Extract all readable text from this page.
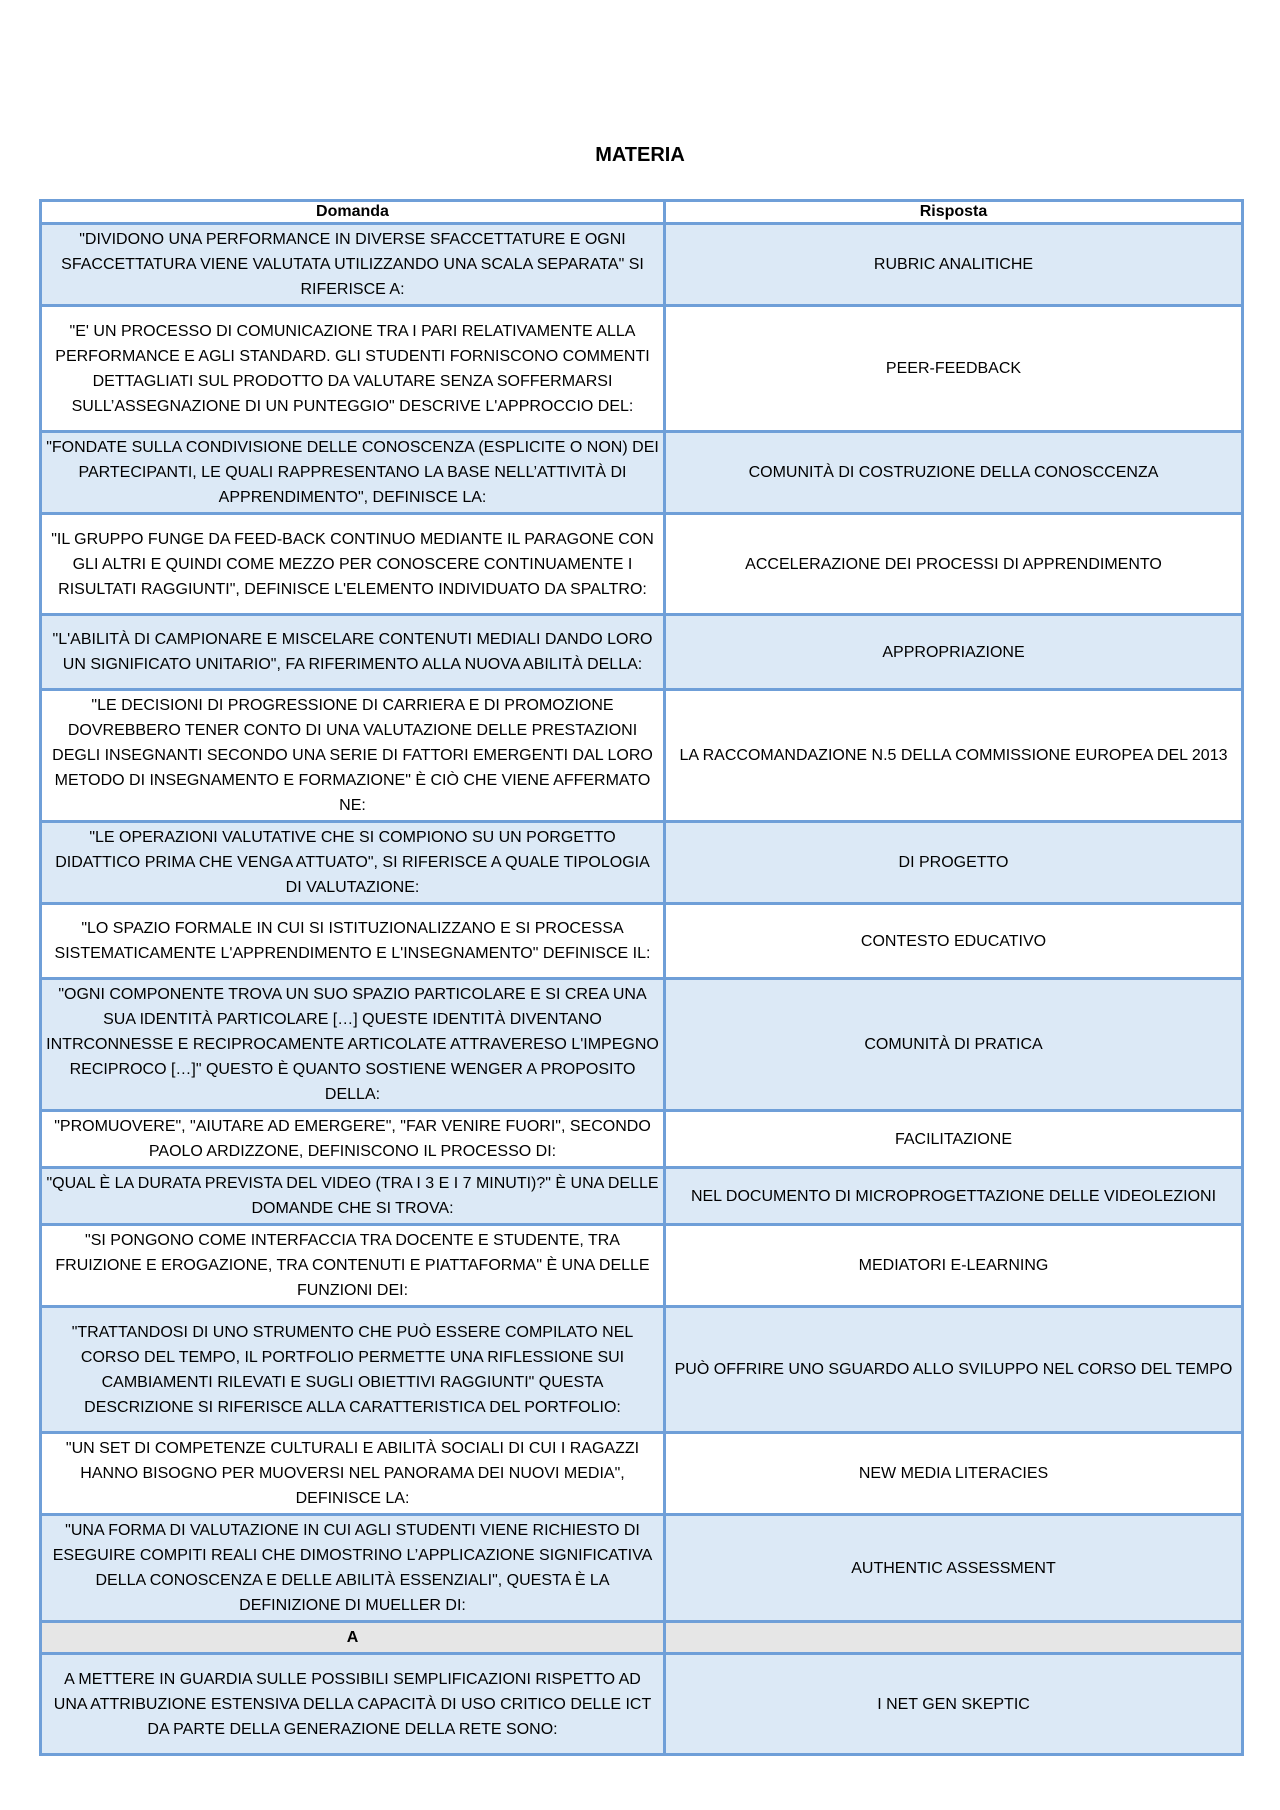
MATERIA
Domanda	Risposta
"DIVIDONO UNA PERFORMANCE IN DIVERSE SFACCETTATURE E OGNI SFACCETTATURA VIENE VALUTATA UTILIZZANDO UNA SCALA SEPARATA" SI RIFERISCE A:	RUBRIC ANALITICHE
"E' UN PROCESSO DI COMUNICAZIONE TRA I PARI RELATIVAMENTE ALLA PERFORMANCE E AGLI STANDARD. GLI STUDENTI FORNISCONO COMMENTI DETTAGLIATI SUL PRODOTTO DA VALUTARE SENZA SOFFERMARSI SULL’ASSEGNAZIONE DI UN PUNTEGGIO" DESCRIVE L'APPROCCIO DEL:	PEER-FEEDBACK
"FONDATE SULLA CONDIVISIONE DELLE CONOSCENZA (ESPLICITE O NON) DEI PARTECIPANTI, LE QUALI RAPPRESENTANO LA BASE NELL’ATTIVITÀ DI APPRENDIMENTO", DEFINISCE LA:	COMUNITÀ DI COSTRUZIONE DELLA CONOSCCENZA
"IL GRUPPO FUNGE DA FEED-BACK CONTINUO MEDIANTE IL PARAGONE CON GLI ALTRI E QUINDI COME MEZZO PER CONOSCERE CONTINUAMENTE I RISULTATI RAGGIUNTI", DEFINISCE L'ELEMENTO INDIVIDUATO DA SPALTRO:	ACCELERAZIONE DEI PROCESSI DI APPRENDIMENTO
"L'ABILITÀ DI CAMPIONARE E MISCELARE CONTENUTI MEDIALI DANDO LORO UN SIGNIFICATO UNITARIO", FA RIFERIMENTO ALLA NUOVA ABILITÀ DELLA:	APPROPRIAZIONE
"LE DECISIONI DI PROGRESSIONE DI CARRIERA E DI PROMOZIONE DOVREBBERO TENER CONTO DI UNA VALUTAZIONE DELLE PRESTAZIONI DEGLI INSEGNANTI SECONDO UNA SERIE DI FATTORI EMERGENTI DAL LORO METODO DI INSEGNAMENTO E FORMAZIONE" È CIÒ CHE VIENE AFFERMATO NE:	LA RACCOMANDAZIONE N.5 DELLA COMMISSIONE EUROPEA DEL 2013
"LE OPERAZIONI VALUTATIVE CHE SI COMPIONO SU UN PORGETTO DIDATTICO PRIMA CHE VENGA ATTUATO", SI RIFERISCE A QUALE TIPOLOGIA DI VALUTAZIONE:	DI PROGETTO
"LO SPAZIO FORMALE IN CUI SI ISTITUZIONALIZZANO E SI PROCESSA SISTEMATICAMENTE L'APPRENDIMENTO E L'INSEGNAMENTO" DEFINISCE IL:	CONTESTO EDUCATIVO
"OGNI COMPONENTE TROVA UN SUO SPAZIO PARTICOLARE E SI CREA UNA SUA IDENTITÀ PARTICOLARE […] QUESTE IDENTITÀ DIVENTANO INTRCONNESSE E RECIPROCAMENTE ARTICOLATE ATTRAVERESO L'IMPEGNO RECIPROCO […]" QUESTO È QUANTO SOSTIENE WENGER A PROPOSITO DELLA:	COMUNITÀ DI PRATICA
"PROMUOVERE", "AIUTARE AD EMERGERE", "FAR VENIRE FUORI", SECONDO PAOLO ARDIZZONE, DEFINISCONO IL PROCESSO DI:	FACILITAZIONE
"QUAL È LA DURATA PREVISTA DEL VIDEO (TRA I 3 E I 7 MINUTI)?" È UNA DELLE DOMANDE CHE SI TROVA:	NEL DOCUMENTO DI MICROPROGETTAZIONE DELLE VIDEOLEZIONI
"SI PONGONO COME INTERFACCIA TRA DOCENTE E STUDENTE, TRA FRUIZIONE E EROGAZIONE, TRA CONTENUTI E PIATTAFORMA" È UNA DELLE FUNZIONI DEI:	MEDIATORI E-LEARNING
"TRATTANDOSI DI UNO STRUMENTO CHE PUÒ ESSERE COMPILATO NEL CORSO DEL TEMPO, IL PORTFOLIO PERMETTE UNA RIFLESSIONE SUI CAMBIAMENTI RILEVATI E SUGLI OBIETTIVI RAGGIUNTI" QUESTA DESCRIZIONE SI RIFERISCE ALLA CARATTERISTICA DEL PORTFOLIO:	PUÒ OFFRIRE UNO SGUARDO ALLO SVILUPPO NEL CORSO DEL TEMPO
"UN SET DI COMPETENZE CULTURALI E ABILITÀ SOCIALI DI CUI I RAGAZZI HANNO BISOGNO PER MUOVERSI NEL PANORAMA DEI NUOVI MEDIA", DEFINISCE LA:	NEW MEDIA LITERACIES
"UNA FORMA DI VALUTAZIONE IN CUI AGLI STUDENTI VIENE RICHIESTO DI ESEGUIRE COMPITI REALI CHE DIMOSTRINO L’APPLICAZIONE SIGNIFICATIVA DELLA CONOSCENZA E DELLE ABILITÀ ESSENZIALI", QUESTA È LA DEFINIZIONE DI MUELLER DI:	AUTHENTIC ASSESSMENT
A	
A METTERE IN GUARDIA SULLE POSSIBILI SEMPLIFICAZIONI RISPETTO AD UNA ATTRIBUZIONE ESTENSIVA DELLA CAPACITÀ DI USO CRITICO DELLE ICT DA PARTE DELLA GENERAZIONE DELLA RETE SONO:	I NET GEN SKEPTIC
